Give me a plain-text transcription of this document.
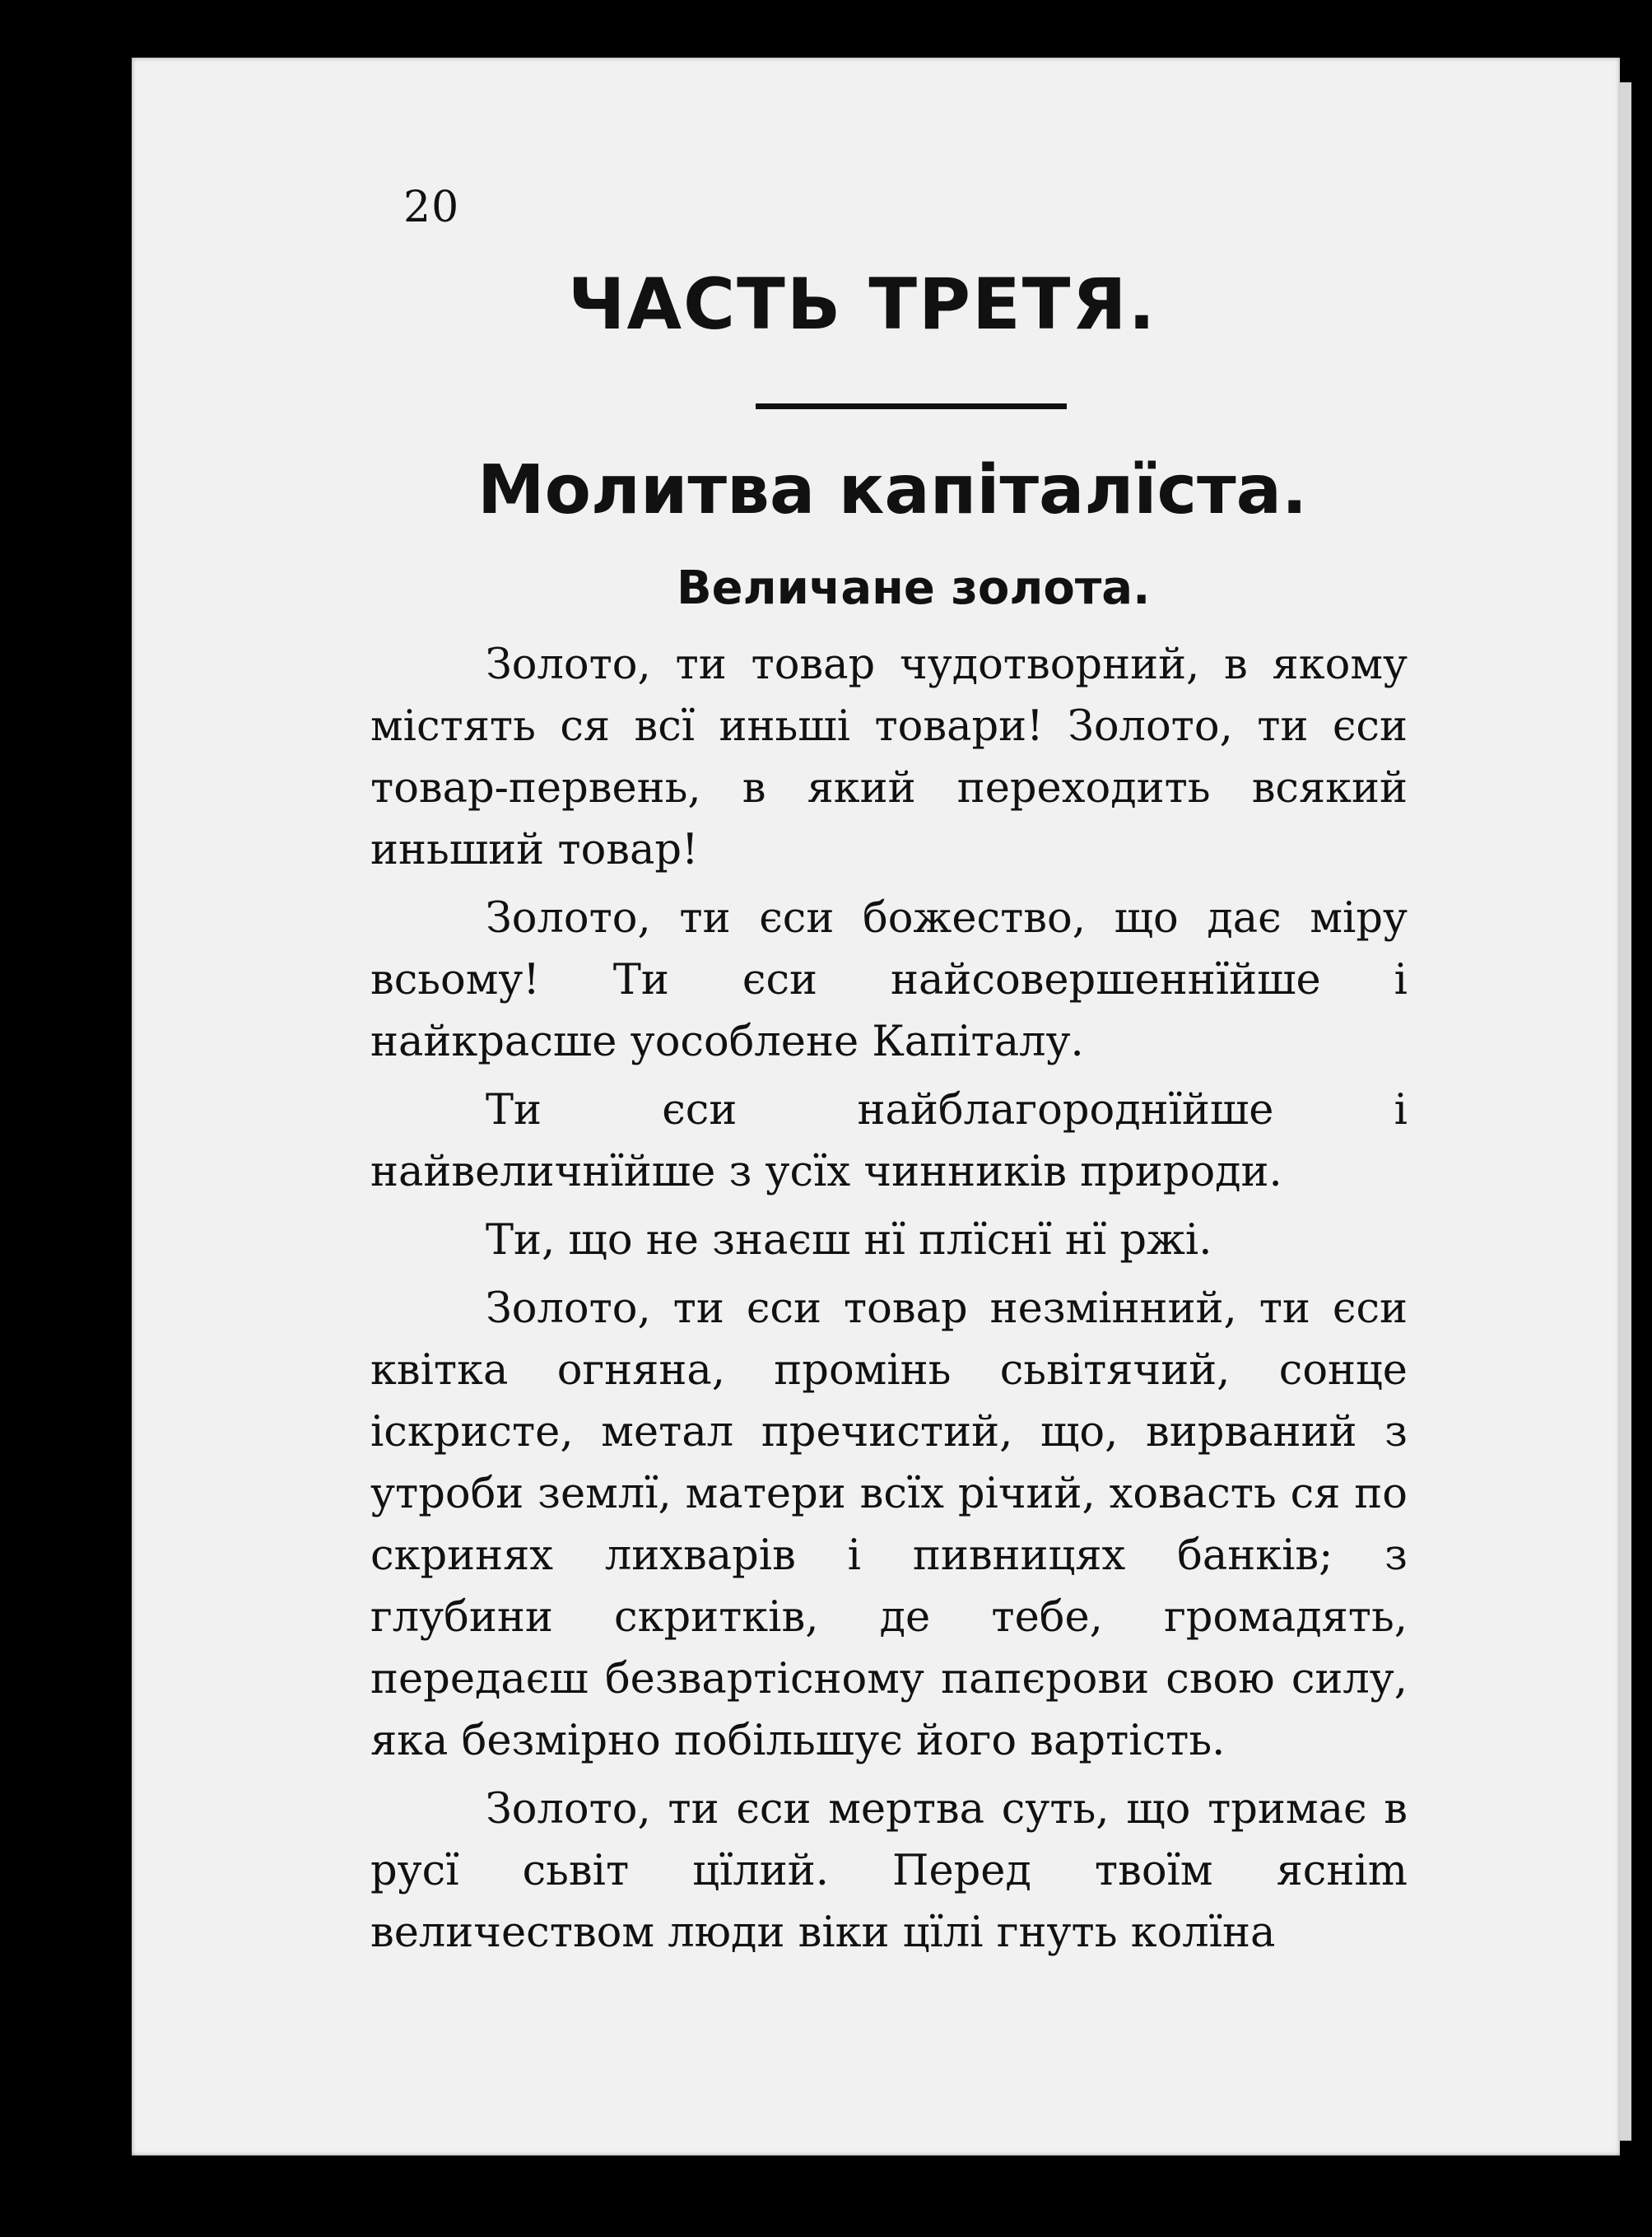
20

ЧАСТЬ ТРЕТЯ.
Молитва капіталїста.
Величане золота.

Золото, ти товар чудотворний, в якому містять ся всї иньші товари! Золото, ти єси товар-первень, в який переходить всякий иньший товар!

Золото, ти єси божество, що дає міру всьому! Ти єси найсовершеннїйше і найкрасше уособлене Капіталу.

Ти єси найблагороднїйше і найвеличнїйше з усїх чинників природи.

Ти, що не знаєш нї плїснї нї ржі.

Золото, ти єси товар незмінний, ти єси квітка огняна, промінь сьвітячий, сонце іскристе, метал пречистий, що, вирваний з утроби землї, матери всїх річий, ховасть ся по скринях лихварів і пивницях банків; з глубини скритків, де тебе, громадять, передаєш безвартісному папєрови свою силу, яка безмірно побільшує його вартість.

Золото, ти єси мертва суть, що тримає в русї сьвіт цїлий. Перед твоїм яснim величеством люди віки цїлі гнуть колїна
